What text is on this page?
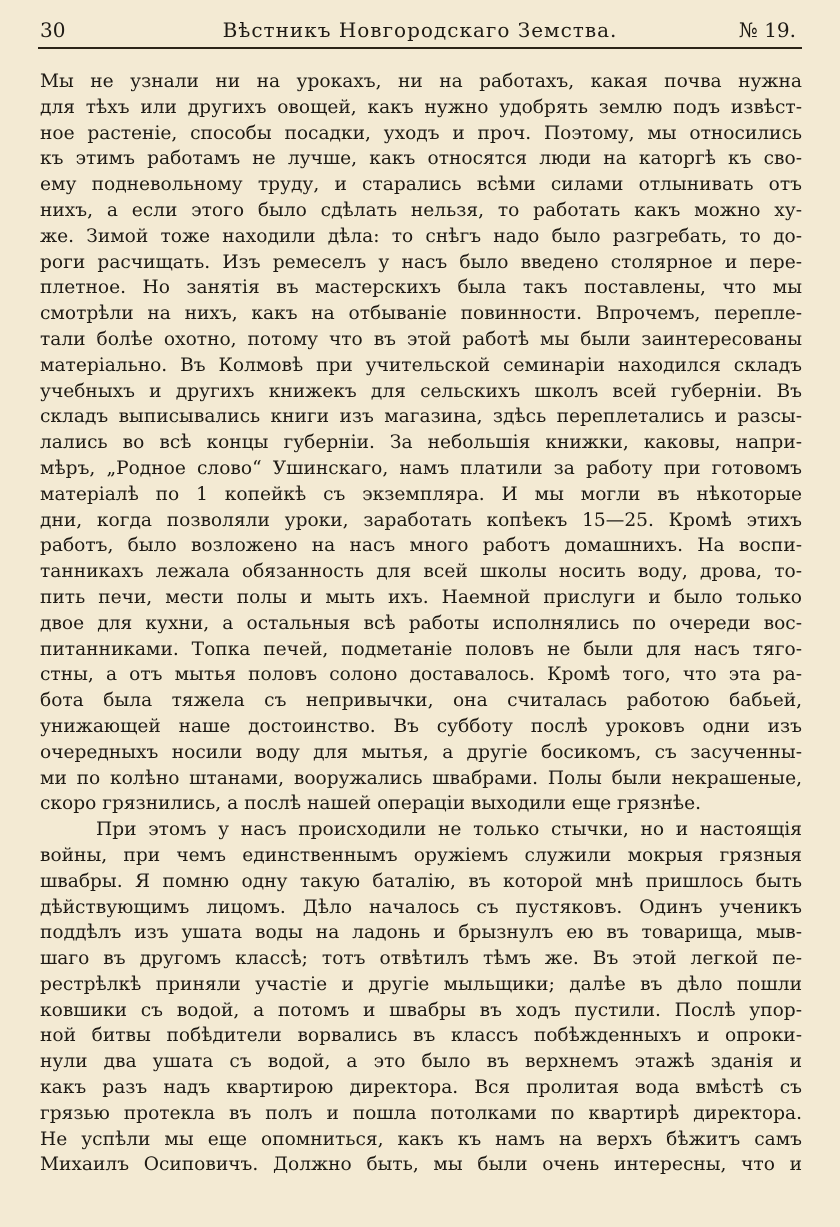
30	Вѣстникъ Новгородскаго Земства.	№ 19.
Мы не узнали ни на урокахъ, ни на работахъ, какая почва нужна
для тѣхъ или другихъ овощей, какъ нужно удобрять землю подъ извѣст-
ное растеніе, способы посадки, уходъ и проч. Поэтому, мы относились
къ этимъ работамъ не лучше, какъ относятся люди на каторгѣ къ сво-
ему подневольному труду, и старались всѣми силами отлынивать отъ
нихъ, а если этого было сдѣлать нельзя, то работать какъ можно ху-
же. Зимой тоже находили дѣла: то снѣгъ надо было разгребать, то до-
роги расчищать. Изъ ремеселъ у насъ было введено столярное и пере-
плетное. Но занятія въ мастерскихъ была такъ поставлены, что мы
смотрѣли на нихъ, какъ на отбываніе повинности. Впрочемъ, перепле-
тали болѣе охотно, потому что въ этой работѣ мы были заинтересованы
матеріально. Въ Колмовѣ при учительской семинаріи находился складъ
учебныхъ и другихъ книжекъ для сельскихъ школъ всей губерніи. Въ
складъ выписывались книги изъ магазина, здѣсь переплетались и разсы-
лались во всѣ концы губерніи. За небольшія книжки, каковы, напри-
мѣръ, „Родное слово“ Ушинскаго, намъ платили за работу при готовомъ
матеріалѣ по 1 копейкѣ съ экземпляра. И мы могли въ нѣкоторые
дни, когда позволяли уроки, заработать копѣекъ 15—25. Кромѣ этихъ
работъ, было возложено на насъ много работъ домашнихъ. На воспи-
танникахъ лежала обязанность для всей школы носить воду, дрова, то-
пить печи, мести полы и мыть ихъ. Наемной прислуги и было только
двое для кухни, а остальныя всѣ работы исполнялись по очереди вос-
питанниками. Топка печей, подметаніе половъ не были для насъ тяго-
стны, а отъ мытья половъ солоно доставалось. Кромѣ того, что эта ра-
бота была тяжела съ непривычки, она считалась работою бабьей,
унижающей наше достоинство. Въ субботу послѣ уроковъ одни изъ
очередныхъ носили воду для мытья, а другіе босикомъ, съ засученны-
ми по колѣно штанами, вооружались швабрами. Полы были некрашеные,
скоро грязнились, а послѣ нашей операціи выходили еще грязнѣе.
При этомъ у насъ происходили не только стычки, но и настоящія
войны, при чемъ единственнымъ оружіемъ служили мокрыя грязныя
швабры. Я помню одну такую баталію, въ которой мнѣ пришлось быть
дѣйствующимъ лицомъ. Дѣло началось съ пустяковъ. Одинъ ученикъ
поддѣлъ изъ ушата воды на ладонь и брызнулъ ею въ товарища, мыв-
шаго въ другомъ классѣ; тотъ отвѣтилъ тѣмъ же. Въ этой легкой пе-
рестрѣлкѣ приняли участіе и другіе мыльщики; далѣе въ дѣло пошли
ковшики съ водой, а потомъ и швабры въ ходъ пустили. Послѣ упор-
ной битвы побѣдители ворвались въ классъ побѣжденныхъ и опроки-
нули два ушата съ водой, а это было въ верхнемъ этажѣ зданія и
какъ разъ надъ квартирою директора. Вся пролитая вода вмѣстѣ съ
грязью протекла въ полъ и пошла потолками по квартирѣ директора.
Не успѣли мы еще опомниться, какъ къ намъ на верхъ бѣжитъ самъ
Михаилъ Осиповичъ. Должно быть, мы были очень интересны, что и
